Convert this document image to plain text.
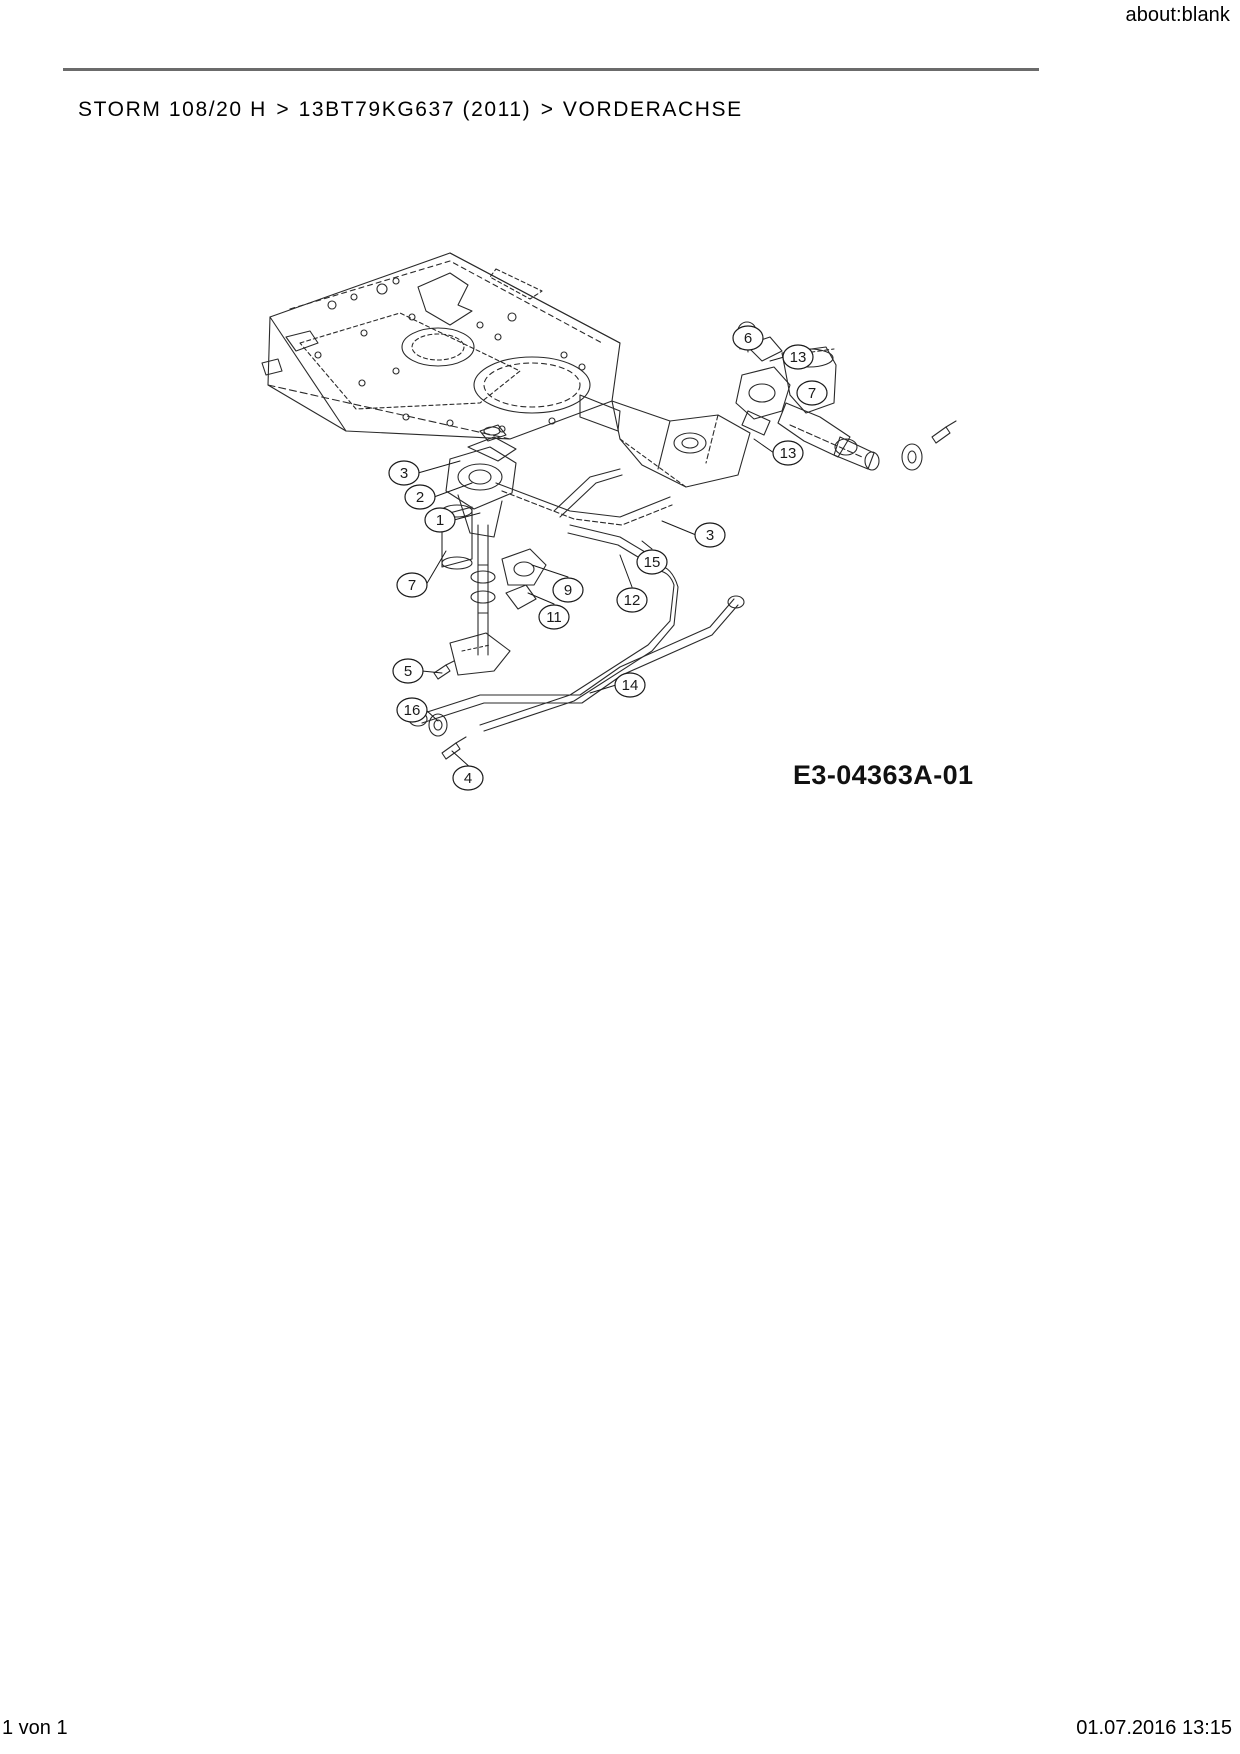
about:blank
STORM 108/20 H > 13BT79KG637 (2011) > VORDERACHSE
3
2
1
7
5
16
4
9
11
12
15
14
3
6
13
7
13
E3-04363A-01
1 von 1	01.07.2016 13:15
